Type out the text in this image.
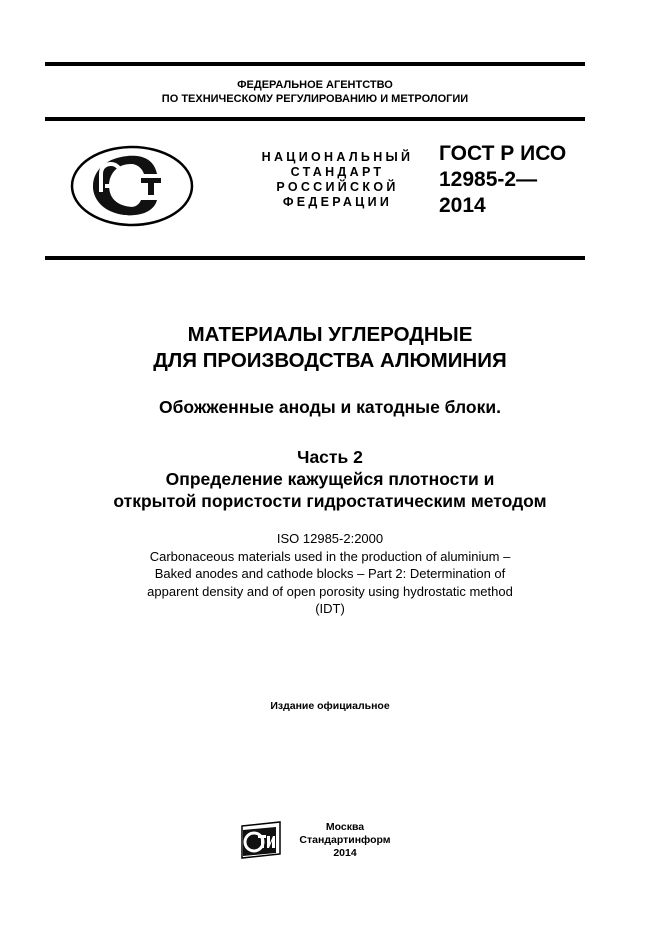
ФЕДЕРАЛЬНОЕ АГЕНТСТВО
ПО ТЕХНИЧЕСКОМУ РЕГУЛИРОВАНИЮ И МЕТРОЛОГИИ
НАЦИОНАЛЬНЫЙ
СТАНДАРТ
РОССИЙСКОЙ
ФЕДЕРАЦИИ
ГОСТ Р ИСО
12985-2—
2014
МАТЕРИАЛЫ УГЛЕРОДНЫЕ
ДЛЯ ПРОИЗВОДСТВА АЛЮМИНИЯ
Обожженные аноды и катодные блоки.
Часть 2
Определение кажущейся плотности и
открытой пористости гидростатическим методом
ISO 12985-2:2000
Carbonaceous materials used in the production of aluminium –
Baked anodes and cathode blocks – Part 2: Determination of
apparent density and of open porosity using hydrostatic method
(IDT)
Издание официальное
Москва
Стандартинформ
2014
